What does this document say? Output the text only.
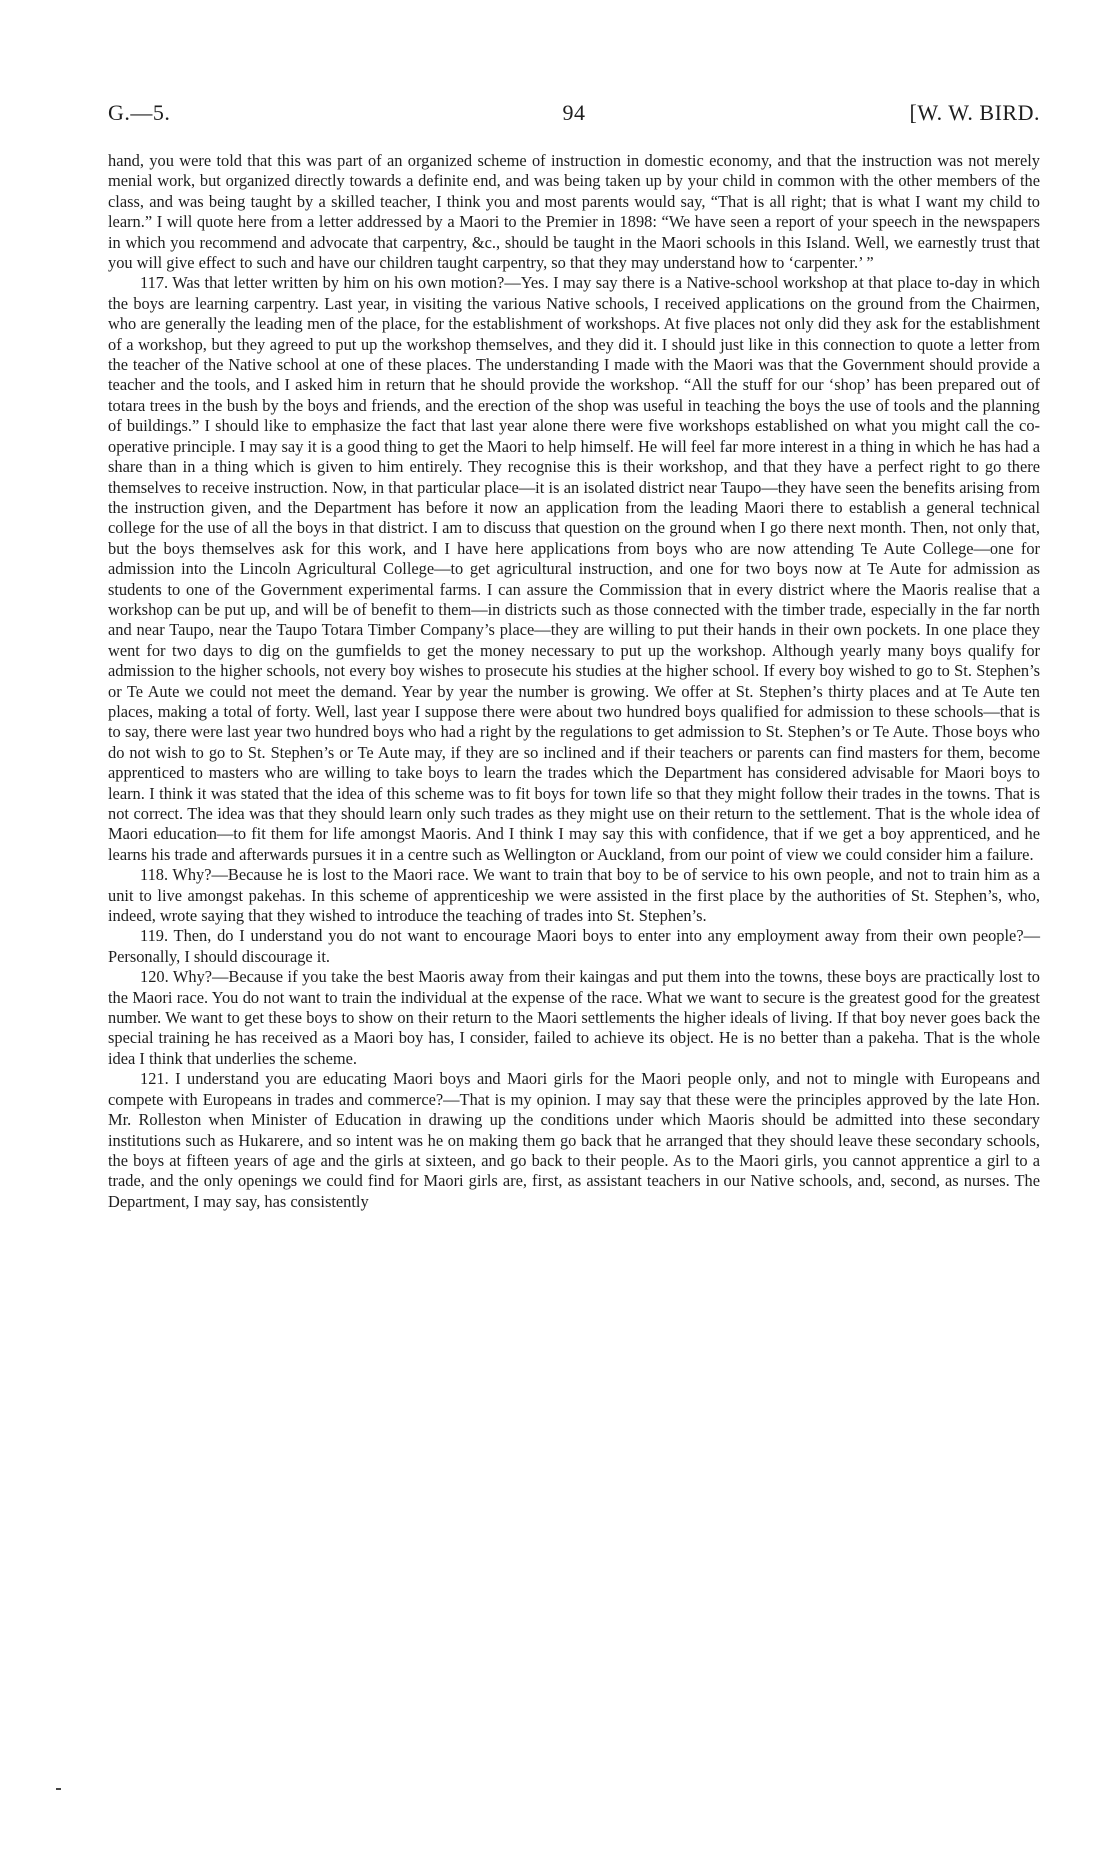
G.—5.	94	[W. W. BIRD.

hand, you were told that this was part of an organized scheme of instruction in domestic economy, and that the instruction was not merely menial work, but organized directly towards a definite end, and was being taken up by your child in common with the other members of the class, and was being taught by a skilled teacher, I think you and most parents would say, “That is all right; that is what I want my child to learn.” I will quote here from a letter addressed by a Maori to the Premier in 1898: “We have seen a report of your speech in the newspapers in which you recommend and advocate that carpentry, &c., should be taught in the Maori schools in this Island. Well, we earnestly trust that you will give effect to such and have our children taught carpentry, so that they may understand how to ‘carpenter.’ ”

117. Was that letter written by him on his own motion?—Yes. I may say there is a Native-school workshop at that place to-day in which the boys are learning carpentry. Last year, in visiting the various Native schools, I received applications on the ground from the Chairmen, who are generally the leading men of the place, for the establishment of workshops. At five places not only did they ask for the establishment of a workshop, but they agreed to put up the workshop themselves, and they did it. I should just like in this connection to quote a letter from the teacher of the Native school at one of these places. The understanding I made with the Maori was that the Government should provide a teacher and the tools, and I asked him in return that he should provide the workshop. “All the stuff for our ‘shop’ has been prepared out of totara trees in the bush by the boys and friends, and the erection of the shop was useful in teaching the boys the use of tools and the planning of buildings.” I should like to emphasize the fact that last year alone there were five workshops established on what you might call the co-operative principle. I may say it is a good thing to get the Maori to help himself. He will feel far more interest in a thing in which he has had a share than in a thing which is given to him entirely. They recognise this is their workshop, and that they have a perfect right to go there themselves to receive instruction. Now, in that particular place—it is an isolated district near Taupo—they have seen the benefits arising from the instruction given, and the Department has before it now an application from the leading Maori there to establish a general technical college for the use of all the boys in that district. I am to discuss that question on the ground when I go there next month. Then, not only that, but the boys themselves ask for this work, and I have here applications from boys who are now attending Te Aute College—one for admission into the Lincoln Agricultural College—to get agricultural instruction, and one for two boys now at Te Aute for admission as students to one of the Government experimental farms. I can assure the Commission that in every district where the Maoris realise that a workshop can be put up, and will be of benefit to them—in districts such as those connected with the timber trade, especially in the far north and near Taupo, near the Taupo Totara Timber Company’s place—they are willing to put their hands in their own pockets. In one place they went for two days to dig on the gumfields to get the money necessary to put up the workshop. Although yearly many boys qualify for admission to the higher schools, not every boy wishes to prosecute his studies at the higher school. If every boy wished to go to St. Stephen’s or Te Aute we could not meet the demand. Year by year the number is growing. We offer at St. Stephen’s thirty places and at Te Aute ten places, making a total of forty. Well, last year I suppose there were about two hundred boys qualified for admission to these schools—that is to say, there were last year two hundred boys who had a right by the regulations to get admission to St. Stephen’s or Te Aute. Those boys who do not wish to go to St. Stephen’s or Te Aute may, if they are so inclined and if their teachers or parents can find masters for them, become apprenticed to masters who are willing to take boys to learn the trades which the Department has considered advisable for Maori boys to learn. I think it was stated that the idea of this scheme was to fit boys for town life so that they might follow their trades in the towns. That is not correct. The idea was that they should learn only such trades as they might use on their return to the settlement. That is the whole idea of Maori education—to fit them for life amongst Maoris. And I think I may say this with confidence, that if we get a boy apprenticed, and he learns his trade and afterwards pursues it in a centre such as Wellington or Auckland, from our point of view we could consider him a failure.

118. Why?—Because he is lost to the Maori race. We want to train that boy to be of service to his own people, and not to train him as a unit to live amongst pakehas. In this scheme of apprenticeship we were assisted in the first place by the authorities of St. Stephen’s, who, indeed, wrote saying that they wished to introduce the teaching of trades into St. Stephen’s.

119. Then, do I understand you do not want to encourage Maori boys to enter into any employment away from their own people?—Personally, I should discourage it.

120. Why?—Because if you take the best Maoris away from their kaingas and put them into the towns, these boys are practically lost to the Maori race. You do not want to train the individual at the expense of the race. What we want to secure is the greatest good for the greatest number. We want to get these boys to show on their return to the Maori settlements the higher ideals of living. If that boy never goes back the special training he has received as a Maori boy has, I consider, failed to achieve its object. He is no better than a pakeha. That is the whole idea I think that underlies the scheme.

121. I understand you are educating Maori boys and Maori girls for the Maori people only, and not to mingle with Europeans and compete with Europeans in trades and commerce?—That is my opinion. I may say that these were the principles approved by the late Hon. Mr. Rolleston when Minister of Education in drawing up the conditions under which Maoris should be admitted into these secondary institutions such as Hukarere, and so intent was he on making them go back that he arranged that they should leave these secondary schools, the boys at fifteen years of age and the girls at sixteen, and go back to their people. As to the Maori girls, you cannot apprentice a girl to a trade, and the only openings we could find for Maori girls are, first, as assistant teachers in our Native schools, and, second, as nurses. The Department, I may say, has consistently
